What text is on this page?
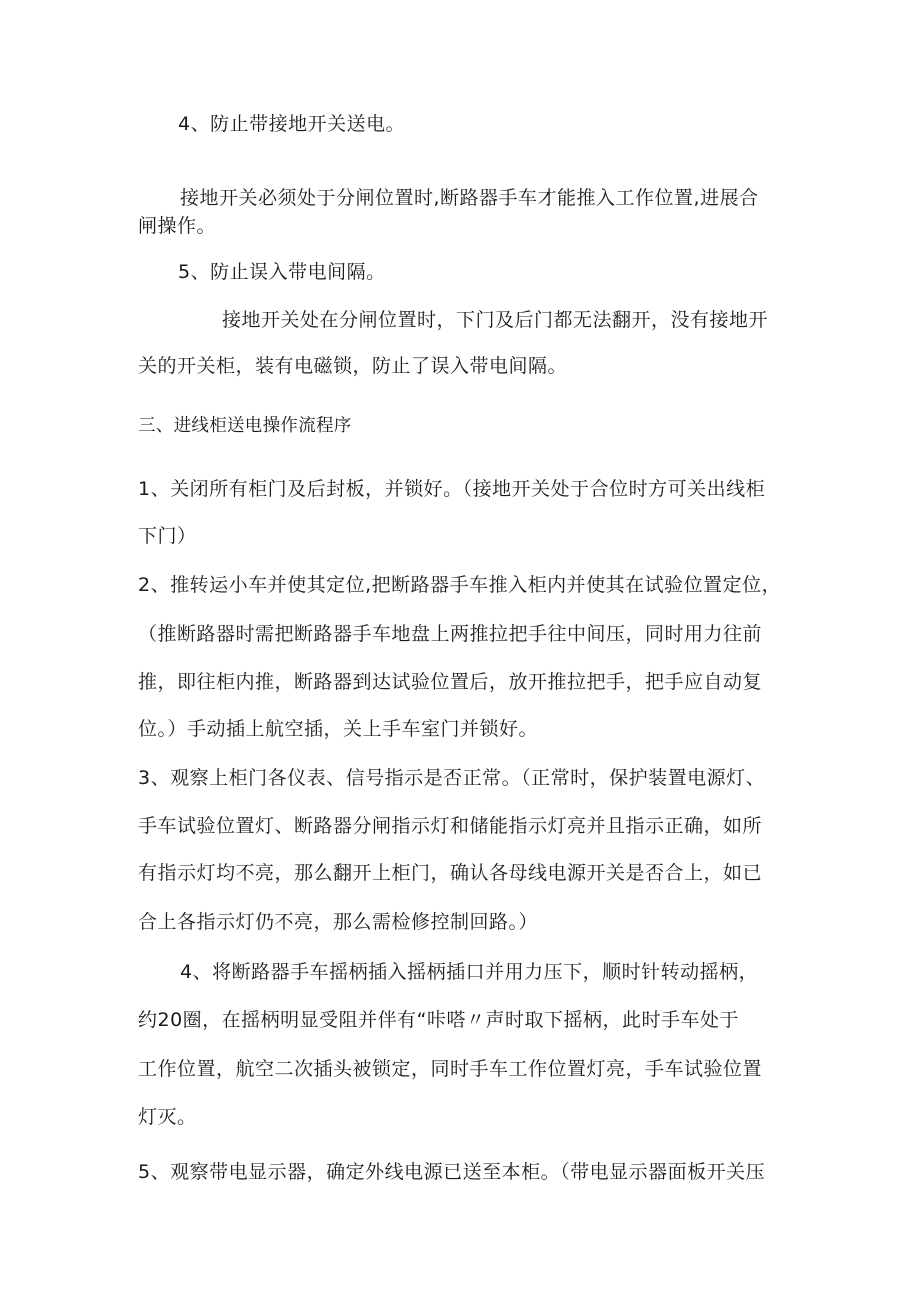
4、防止带接地开关送电。
接地开关必须处于分闸位置时,断路器手车才能推入工作位置,进展合
闸操作。
5、防止误入带电间隔。
接地开关处在分闸位置时，下门及后门都无法翻开，没有接地开
关的开关柜，装有电磁锁，防止了误入带电间隔。
三、进线柜送电操作流程序
1、关闭所有柜门及后封板，并锁好。（接地开关处于合位时方可关出线柜
下门）
2、推转运小车并使其定位,把断路器手车推入柜内并使其在试验位置定位，
（推断路器时需把断路器手车地盘上两推拉把手往中间压，同时用力往前
推，即往柜内推，断路器到达试验位置后，放开推拉把手，把手应自动复
位。）手动插上航空插，关上手车室门并锁好。
3、观察上柜门各仪表、信号指示是否正常。（正常时，保护装置电源灯、
手车试验位置灯、断路器分闸指示灯和储能指示灯亮并且指示正确，如所
有指示灯均不亮，那么翻开上柜门，确认各母线电源开关是否合上，如已
合上各指示灯仍不亮，那么需检修控制回路。）
4、将断路器手车摇柄插入摇柄插口并用力压下，顺时针转动摇柄，
约20圈，在摇柄明显受阻并伴有“咔嗒〃声时取下摇柄，此时手车处于
工作位置，航空二次插头被锁定，同时手车工作位置灯亮，手车试验位置
灯灭。
5、观察带电显示器，确定外线电源已送至本柜。（带电显示器面板开关压
